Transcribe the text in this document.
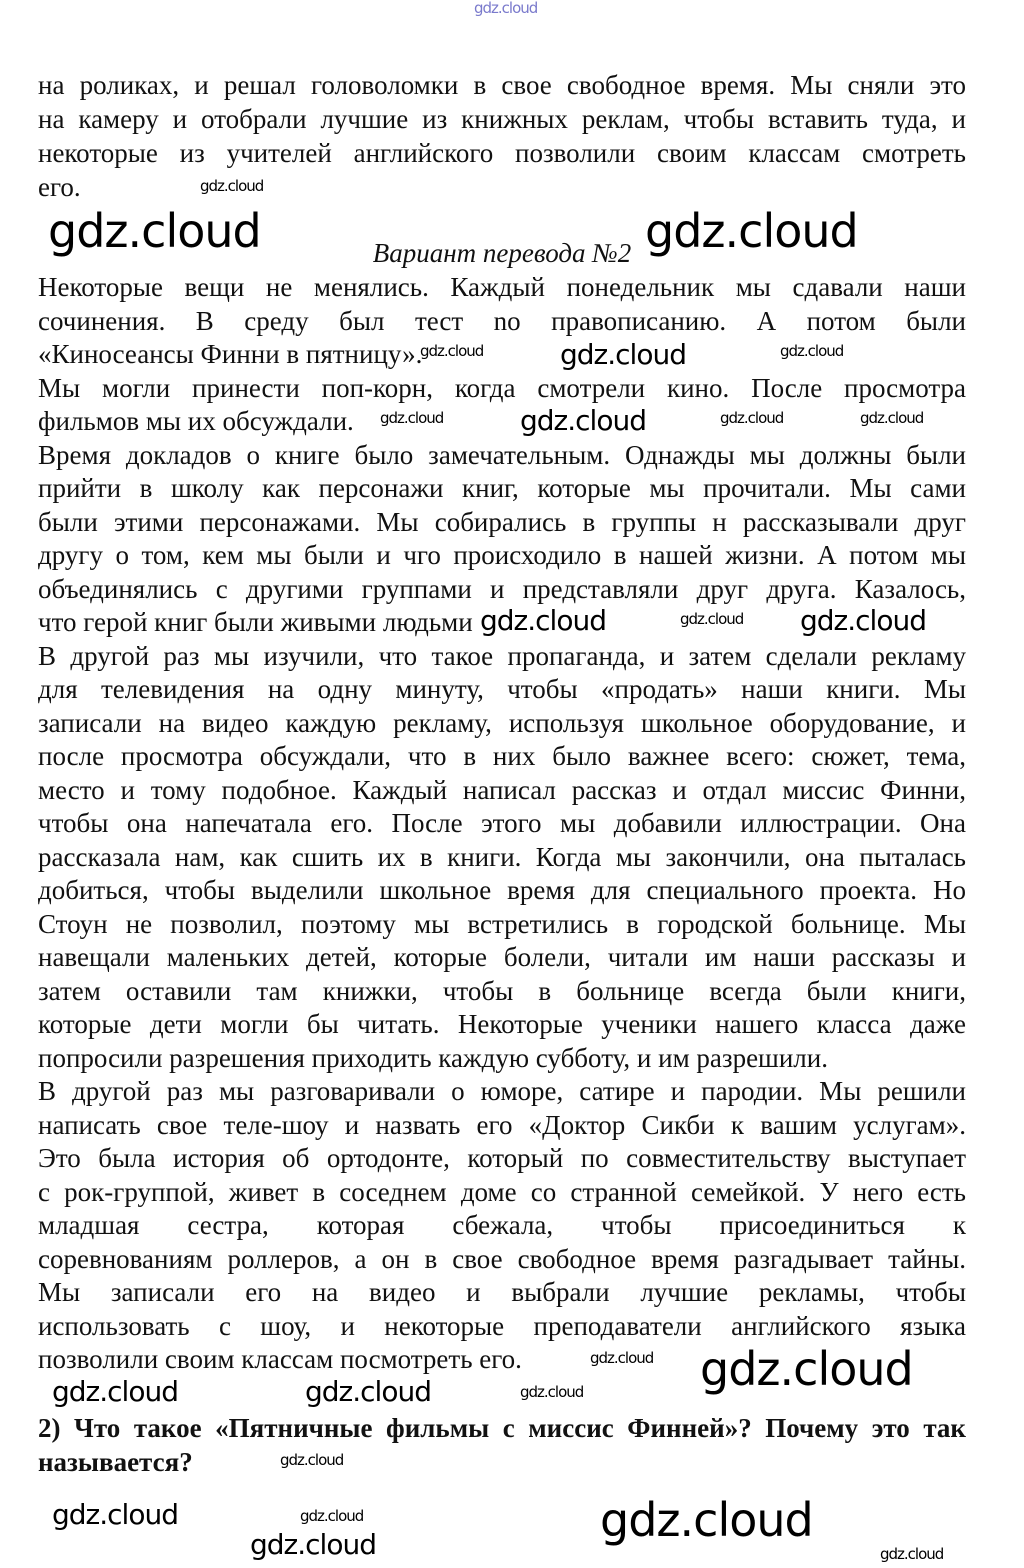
Вариант перевода №2
на роликах, и решал головоломки в свое свободное время. Мы сняли это
на камеру и отобрали лучшие из книжных реклам, чтобы вставить туда, и
некоторые из учителей английского позволили своим классам смотреть
его.
Некоторые вещи не менялись. Каждый понедельник мы сдавали наши
сочинения. В среду был тест no правописанию. А потом были
«Киносеансы Финни в пятницу».
Мы могли принести поп-корн, когда смотрели кино. После просмотра
фильмов мы их обсуждали.
Время докладов о книге было замечательным. Однажды мы должны были
прийти в школу как персонажи книг, которые мы прочитали. Мы сами
были этими персонажами. Мы собирались в группы н рассказывали друг
другу о том, кем мы были и чго происходило в нашей жизни. А потом мы
объединялись с другими группами и представляли друг друга. Казалось,
что герой книг были живыми людьми
В другой раз мы изучили, что такое пропаганда, и затем сделали рекламу
для телевидения на одну минуту, чтобы «продать» наши книги. Мы
записали на видео каждую рекламу, используя школьное оборудование, и
после просмотра обсуждали, что в них было важнее всего: сюжет, тема,
место и тому подобное. Каждый написал рассказ и отдал миссис Финни,
чтобы она напечатала его. После этого мы добавили иллюстрации. Она
рассказала нам, как сшить их в книги. Когда мы закончили, она пыталась
добиться, чтобы выделили школьное время для специального проекта. Но
Стоун не позволил, поэтому мы встретились в городской больнице. Мы
навещали маленьких детей, которые болели, читали им наши рассказы и
затем оставили там книжки, чтобы в больнице всегда были книги,
которые дети могли бы читать. Некоторые ученики нашего класса даже
попросили разрешения приходить каждую субботу, и им разрешили.
В другой раз мы разговаривали о юморе, сатире и пародии. Мы решили
написать свое теле-шоу и назвать его «Доктор Сикби к вашим услугам».
Это была история об ортодонте, который по совместительству выступает
с рок-группой, живет в соседнем доме со странной семейкой. У него есть
младшая сестра, которая сбежала, чтобы присоединиться к
соревнованиям роллеров, а он в свое свободное время разгадывает тайны.
Мы записали его на видео и выбрали лучшие рекламы, чтобы
использовать с шоу, и некоторые преподаватели английского языка
позволили своим классам посмотреть его.
2) Что такое «Пятничные фильмы с миссис Финней»? Почему это так
называется?
gdz.cloud
gdz.cloud	gdz.cloud
gdz.cloud
gdz.cloud	gdz.cloud	gdz.cloud
gdz.cloud	gdz.cloud	gdz.cloud	gdz.cloud
gdz.cloud	gdz.cloud gdz.cloud
gdz.cloud gdz.cloud
gdz.cloud	gdz.cloud	gdz.cloud
gdz.cloud
gdz.cloud
gdz.cloud	gdz.cloud
gdz.cloud	gdz.cloud
